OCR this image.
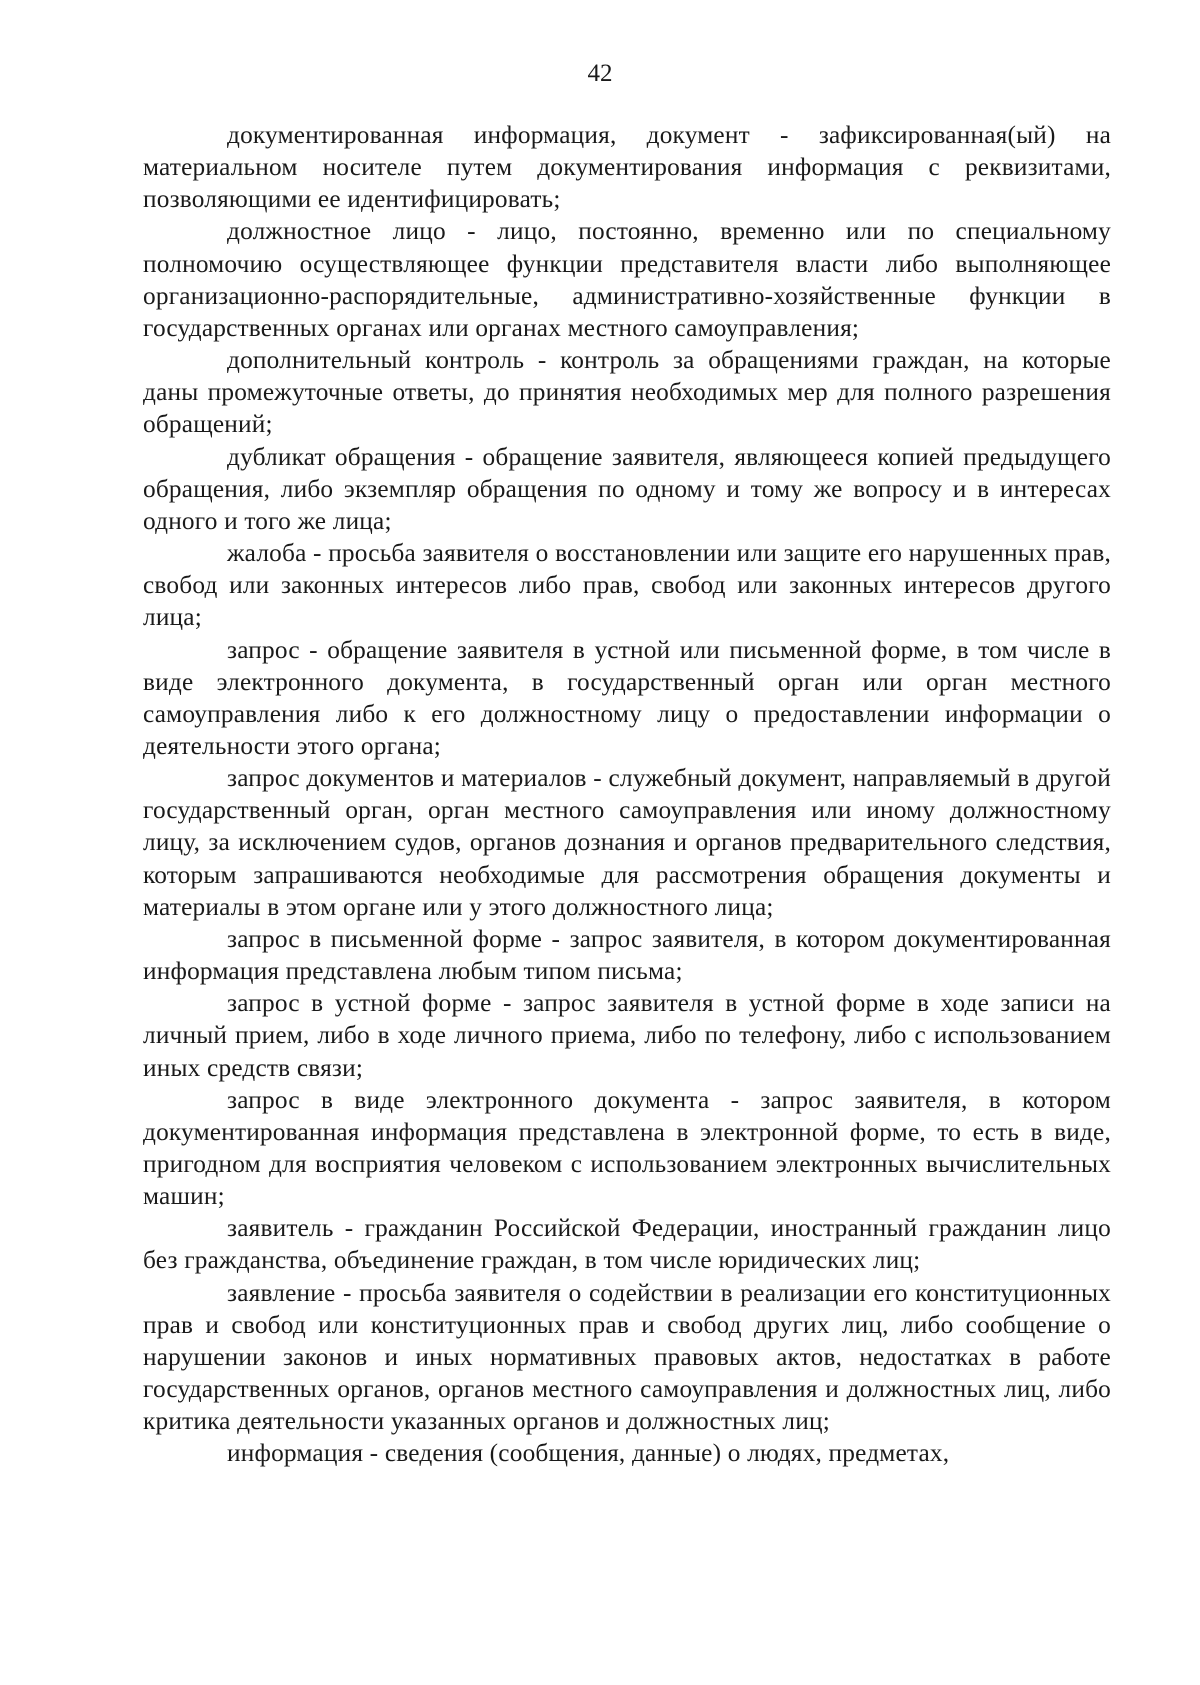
42

документированная информация, документ - зафиксированная(ый) на материальном носителе путем документирования информация с реквизитами, позволяющими ее идентифицировать;

должностное лицо - лицо, постоянно, временно или по специальному полномочию осуществляющее функции представителя власти либо выполняющее организационно-распорядительные, административно-хозяйственные функции в государственных органах или органах местного самоуправления;

дополнительный контроль - контроль за обращениями граждан, на которые даны промежуточные ответы, до принятия необходимых мер для полного разрешения обращений;

дубликат обращения - обращение заявителя, являющееся копией предыдущего обращения, либо экземпляр обращения по одному и тому же вопросу и в интересах одного и того же лица;

жалоба - просьба заявителя о восстановлении или защите его нарушенных прав, свобод или законных интересов либо прав, свобод или законных интересов другого лица;

запрос - обращение заявителя в устной или письменной форме, в том числе в виде электронного документа, в государственный орган или орган местного самоуправления либо к его должностному лицу о предоставлении информации о деятельности этого органа;

запрос документов и материалов - служебный документ, направляемый в другой государственный орган, орган местного самоуправления или иному должностному лицу, за исключением судов, органов дознания и органов предварительного следствия, которым запрашиваются необходимые для рассмотрения обращения документы и материалы в этом органе или у этого должностного лица;

запрос в письменной форме - запрос заявителя, в котором документированная информация представлена любым типом письма;

запрос в устной форме - запрос заявителя в устной форме в ходе записи на личный прием, либо в ходе личного приема, либо по телефону, либо с использованием иных средств связи;

запрос в виде электронного документа - запрос заявителя, в котором документированная информация представлена в электронной форме, то есть в виде, пригодном для восприятия человеком с использованием электронных вычислительных машин;

заявитель - гражданин Российской Федерации, иностранный гражданин лицо без гражданства, объединение граждан, в том числе юридических лиц;

заявление - просьба заявителя о содействии в реализации его конституционных прав и свобод или конституционных прав и свобод других лиц, либо сообщение о нарушении законов и иных нормативных правовых актов, недостатках в работе государственных органов, органов местного самоуправления и должностных лиц, либо критика деятельности указанных органов и должностных лиц;

информация - сведения (сообщения, данные) о людях, предметах,
